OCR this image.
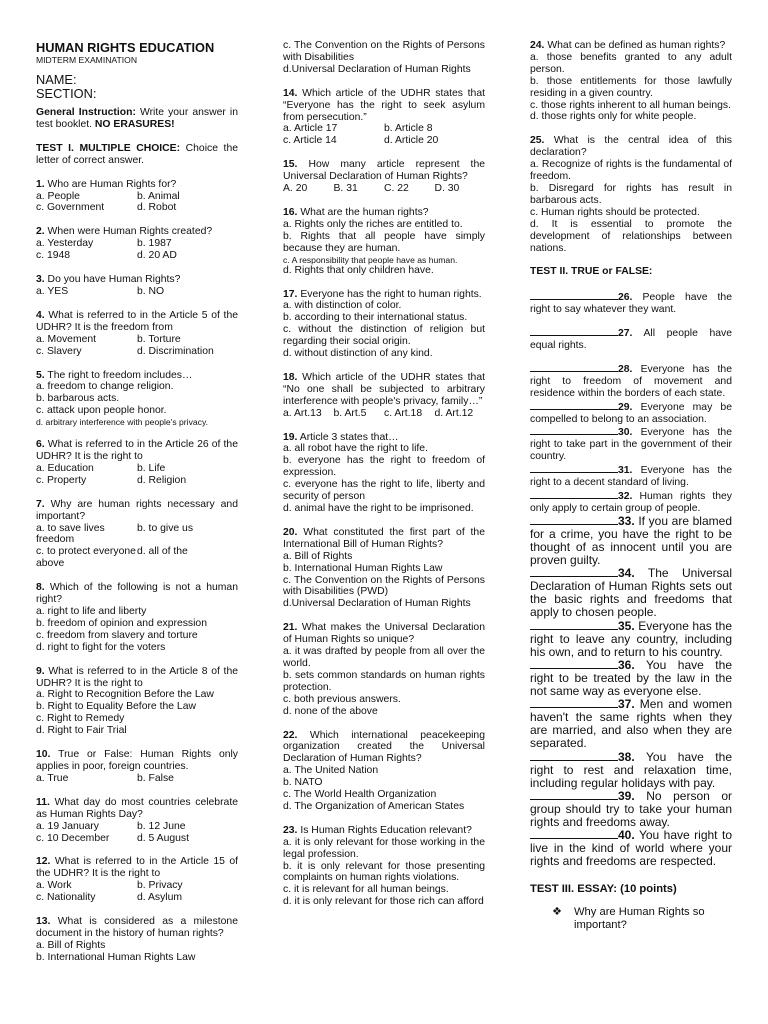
HUMAN RIGHTS EDUCATION
MIDTERM EXAMINATION
NAME:
SECTION:
General Instruction: Write your answer in test booklet. NO ERASURES!
TEST I. MULTIPLE CHOICE: Choice the letter of correct answer.
1. Who are Human Rights for?
a. People	b. Animal
c. Government	d. Robot
2. When were Human Rights created?
a. Yesterday	b. 1987
c. 1948	d. 20 AD
3. Do you have Human Rights?
a. YES	b. NO
4. What is referred to in the Article 5 of the UDHR? It is the freedom from
a. Movement	b. Torture
c. Slavery	d. Discrimination
5. The right to freedom includes…
a. freedom to change religion.
b. barbarous acts.
c. attack upon people honor.
d. arbitrary interference with people's privacy.
6. What is referred to in the Article 26 of the UDHR? It is the right to
a. Education	b. Life
c. Property	d. Religion
7. Why are human rights necessary and important?
a. to save lives	b. to give us
freedom
c. to protect everyone d. all of the
above
8. Which of the following is not a human right?
a. right to life and liberty
b. freedom of opinion and expression
c. freedom from slavery and torture
d. right to fight for the voters
9. What is referred to in the Article 8 of the UDHR? It is the right to
a. Right to Recognition Before the Law
b. Right to Equality Before the Law
c. Right to Remedy
d. Right to Fair Trial
10. True or False: Human Rights only applies in poor, foreign countries.
a. True	b. False
11. What day do most countries celebrate as Human Rights Day?
a. 19 January	b. 12 June
c. 10 December	d. 5 August
12. What is referred to in the Article 15 of the UDHR? It is the right to
a. Work	b. Privacy
c. Nationality	d. Asylum
13. What is considered as a milestone document in the history of human rights?
a. Bill of Rights
b. International Human Rights Law
c. The Convention on the Rights of Persons with Disabilities
d.Universal Declaration of Human Rights
14. Which article of the UDHR states that “Everyone has the right to seek asylum from persecution.”
a. Article 17	b. Article 8
c. Article 14	d. Article 20
15. How many article represent the Universal Declaration of Human Rights?
A. 20	B. 31	C. 22	D. 30
16. What are the human rights?
a. Rights only the riches are entitled to.
b. Rights that all people have simply because they are human.
c. A responsibility that people have as human.
d. Rights that only children have.
17. Everyone has the right to human rights.
a. with distinction of color.
b. according to their international status.
c. without the distinction of religion but regarding their social origin.
d. without distinction of any kind.
18. Which article of the UDHR states that “No one shall be subjected to arbitrary interference with people's privacy, family…”
a. Art.13	b. Art.5	c. Art.18	d. Art.12
19. Article 3 states that…
a. all robot have the right to life.
b. everyone has the right to freedom of expression.
c. everyone has the right to life, liberty and security of person
d. animal have the right to be imprisoned.
20. What constituted the first part of the International Bill of Human Rights?
a. Bill of Rights
b. International Human Rights Law
c. The Convention on the Rights of Persons with Disabilities (PWD)
d.Universal Declaration of Human Rights
21. What makes the Universal Declaration of Human Rights so unique?
a. it was drafted by people from all over the world.
b. sets common standards on human rights protection.
c. both previous answers.
d. none of the above
22. Which international peacekeeping organization created the Universal Declaration of Human Rights?
a. The United Nation
b. NATO
c. The World Health Organization
d. The Organization of American States
23. Is Human Rights Education relevant?
a. it is only relevant for those working in the legal profession.
b. it is only relevant for those presenting complaints on human rights violations.
c. it is relevant for all human beings.
d. it is only relevant for those rich can afford
24. What can be defined as human rights?
a. those benefits granted to any adult person.
b. those entitlements for those lawfully residing in a given country.
c. those rights inherent to all human beings.
d. those rights only for white people.
25. What is the central idea of this declaration?
a. Recognize of rights is the fundamental of freedom.
b. Disregard for rights has result in barbarous acts.
c. Human rights should be protected.
d. It is essential to promote the development of relationships between nations.
TEST II. TRUE or FALSE:
26. People have the right to say whatever they want.
27. All people have equal rights.
28. Everyone has the right to freedom of movement and residence within the borders of each state.
29. Everyone may be compelled to belong to an association.
30. Everyone has the right to take part in the government of their country.
31. Everyone has the right to a decent standard of living.
32. Human rights they only apply to certain group of people.
33. If you are blamed for a crime, you have the right to be thought of as innocent until you are proven guilty.
34. The Universal Declaration of Human Rights sets out the basic rights and freedoms that apply to chosen people.
35. Everyone has the right to leave any country, including his own, and to return to his country.
36. You have the right to be treated by the law in the not same way as everyone else.
37. Men and women haven't the same rights when they are married, and also when they are separated.
38. You have the right to rest and relaxation time, including regular holidays with pay.
39. No person or group should try to take your human rights and freedoms away.
40. You have right to live in the kind of world where your rights and freedoms are respected.
TEST III. ESSAY: (10 points)
❖	Why are Human Rights so important?
